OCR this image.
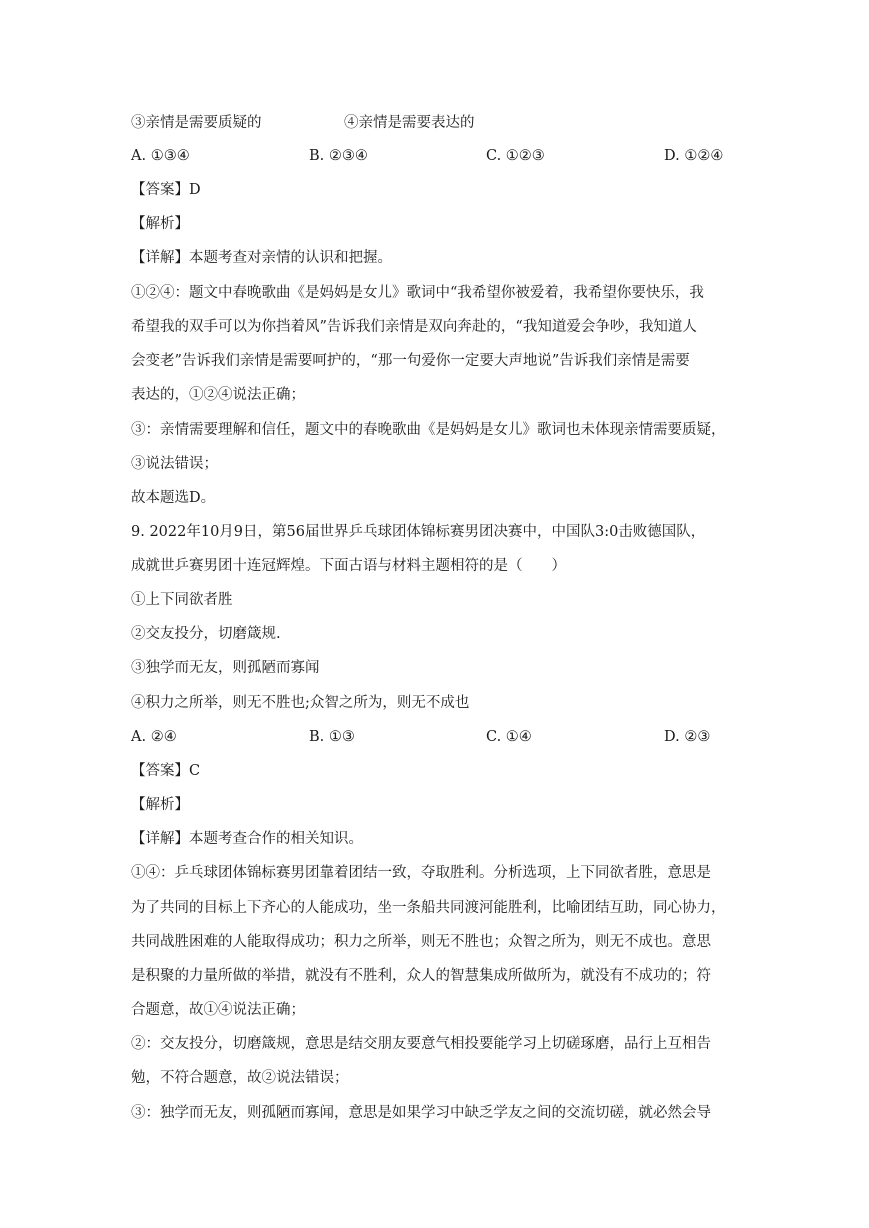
③亲情是需要质疑的	④亲情是需要表达的
A. ①③④	B. ②③④	C. ①②③	D. ①②④
【答案】D
【解析】
【详解】本题考查对亲情的认识和把握。
①②④：题文中春晚歌曲《是妈妈是女儿》歌词中“我希望你被爱着，我希望你要快乐，我
希望我的双手可以为你挡着风”告诉我们亲情是双向奔赴的，“我知道爱会争吵，我知道人
会变老”告诉我们亲情是需要呵护的，“那一句爱你一定要大声地说”告诉我们亲情是需要
表达的，①②④说法正确；
③：亲情需要理解和信任，题文中的春晚歌曲《是妈妈是女儿》歌词也未体现亲情需要质疑，
③说法错误；
故本题选D。
9. 2022年10月9日，第56届世界乒乓球团体锦标赛男团决赛中，中国队3:0击败德国队，
成就世乒赛男团十连冠辉煌。下面古语与材料主题相符的是（　　）
①上下同欲者胜
②交友投分，切磨箴规.
③独学而无友，则孤陋而寡闻
④积力之所举，则无不胜也;众智之所为，则无不成也
A. ②④	B. ①③	C. ①④	D. ②③
【答案】C
【解析】
【详解】本题考查合作的相关知识。
①④：乒乓球团体锦标赛男团靠着团结一致，夺取胜利。分析选项，上下同欲者胜，意思是
为了共同的目标上下齐心的人能成功，坐一条船共同渡河能胜利，比喻团结互助，同心协力，
共同战胜困难的人能取得成功；积力之所举，则无不胜也；众智之所为，则无不成也。意思
是积聚的力量所做的举措，就没有不胜利，众人的智慧集成所做所为，就没有不成功的；符
合题意，故①④说法正确；
②：交友投分，切磨箴规，意思是结交朋友要意气相投要能学习上切磋琢磨，品行上互相告
勉，不符合题意，故②说法错误；
③：独学而无友，则孤陋而寡闻，意思是如果学习中缺乏学友之间的交流切磋，就必然会导
